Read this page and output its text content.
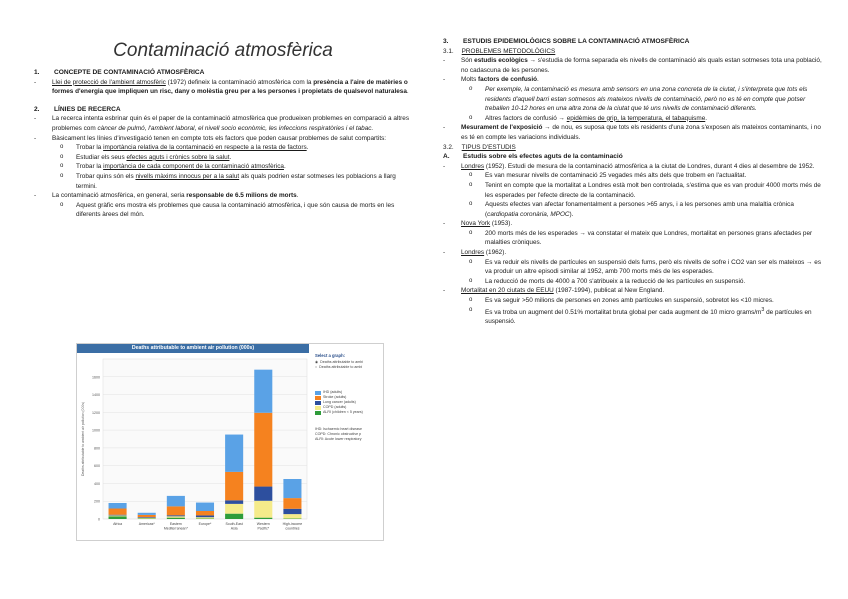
Contaminació atmosfèrica
1.	CONCEPTE DE CONTAMINACIÓ ATMOSFÈRICA

- Llei de protecció de l'ambient atmosfèric (1972) defineix la contaminació atmosfèrica com la presència a l'aire de matèries o formes d'energia que impliquen un risc, dany o molèstia greu per a les persones i propietats de qualsevol naturalesa.

2.	LÍNIES DE RECERCA

- La recerca intenta esbrinar quin és el paper de la contaminació atmosfèrica que produeixen problemes en comparació a altres problemes com càncer de pulmó, l'ambient laboral, el nivell socio econòmic, les infeccions respiratòries i el tabac.

- Bàsicament les línies d'investigació tenen en compte tots els factors que poden causar problemes de salut compartits:

o Trobar la importància relativa de la contaminació en respecte a la resta de factors.

o Estudiar els seus efectes aguts i crònics sobre la salut.

o Trobar la importància de cada component de la contaminació atmosfèrica.

o Trobar quins són els nivells màxims innocus per a la salut als quals podrien estar sotmeses les poblacions a llarg termini.

- La contaminació atmosfèrica, en general, seria responsable de 6.5 milions de morts.

o Aquest gràfic ens mostra els problemes que causa la contaminació atmosfèrica, i que són causa de morts en les diferents àrees del món.

Deaths attributable to ambient air pollution (000s)
0
200
400
600
800
1000
1200
1400
1600
Deaths attributable to ambient air pollution (000s)
Africa	Americas*	Eastern
Mediterranean*
Europe*	South-East
Asia
Western
Pacific*
High-income
countries
Select a graph:
◉ Deaths attributable to ambi
○ Deaths attributable to ambi
IHD (adults)
Stroke (adults)
Lung cancer (adults)
COPD (adults)
ALRI (children < 5 years)
IHD: Ischaemic heart disease
COPD: Chronic obstructive p
ALRI: Acute lower respiratory
3.	ESTUDIS EPIDEMIOLÒGICS SOBRE LA CONTAMINACIÓ ATMOSFÈRICA
3.1. PROBLEMES METODOLÒGICS

- Són estudis ecològics → s'estudia de forma separada els nivells de contaminació als quals estan sotmeses tota una població, no cadascuna de les persones.

- Molts factors de confusió.

o Per exemple, la contaminació es mesura amb sensors en una zona concreta de la ciutat, i s'interpreta que tots els residents d'aquell barri estan sotmesos als mateixos nivells de contaminació, però no es té en compte que potser treballen 10-12 hores en una altra zona de la ciutat que té uns nivells de contaminació diferents.

o Altres factors de confusió → epidèmies de grip, la temperatura, el tabaquisme.

- Mesurament de l'exposició → de nou, es suposa que tots els residents d'una zona s'exposen als mateixos contaminants, i no es té en compte les variacions individuals.

3.2. TIPUS D'ESTUDIS
A.	Estudis sobre els efectes aguts de la contaminació

- Londres (1952). Estudi de mesura de la contaminació atmosfèrica a la ciutat de Londres, durant 4 dies al desembre de 1952.

o Es van mesurar nivells de contaminació 25 vegades més alts dels que trobem en l'actualitat.

o Tenint en compte que la mortalitat a Londres està molt ben controlada, s'estima que es van produir 4000 morts més de les esperades per l'efecte directe de la contaminació.

o Aquests efectes van afectar fonamentalment a persones >65 anys, i a les persones amb una malaltia crònica (cardiopatia coronària, MPOC).

- Nova York (1953).

o 200 morts més de les esperades → va constatar el mateix que Londres, mortalitat en persones grans afectades per malalties cròniques.

- Londres (1962).

o Es va reduir els nivells de partícules en suspensió dels fums, però els nivells de sofre i CO2 van ser els mateixos → es va produir un altre episodi similar al 1952, amb 700 morts més de les esperades.

o La reducció de morts de 4000 a 700 s'atribueix a la reducció de les partícules en suspensió.

- Mortalitat en 20 ciutats de EEUU (1987-1994), publicat al New England.

o Es va seguir >50 milions de persones en zones amb partícules en suspensió, sobretot les <10 micres.

o Es va troba un augment del 0.51% mortalitat bruta global per cada augment de 10 micro grams/$m^3$ de partícules en suspensió.
